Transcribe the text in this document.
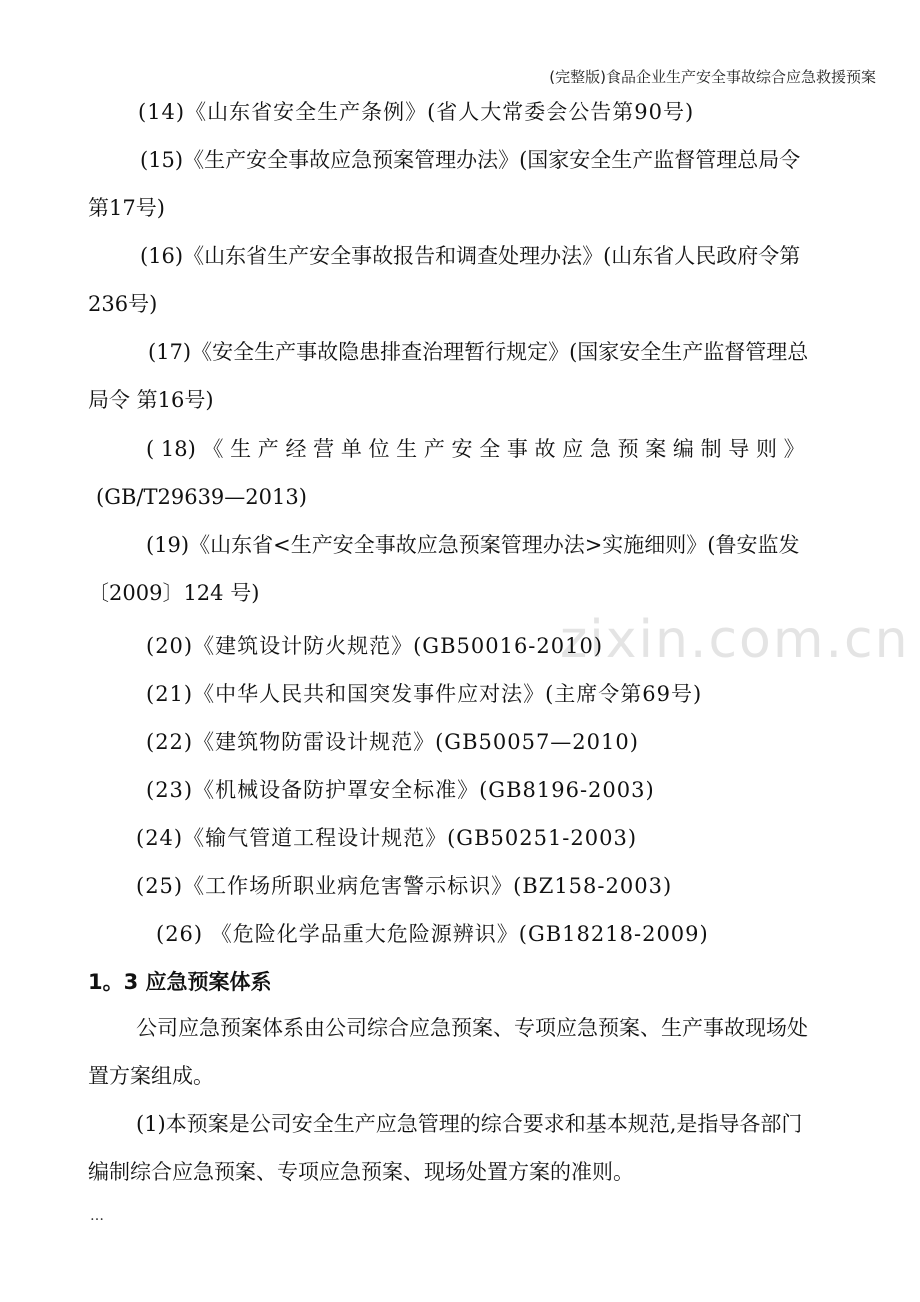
(完整版)食品企业生产安全事故综合应急救援预案
zixin.com.cn
(14)《山东省安全生产条例》(省人大常委会公告第90号)
(15)《生产安全事故应急预案管理办法》(国家安全生产监督管理总局令
第17号)
(16)《山东省生产安全事故报告和调查处理办法》(山东省人民政府令第
236号)
(17)《安全生产事故隐患排查治理暂行规定》(国家安全生产监督管理总
局令 第16号)
( 18) 《 生 产 经 营 单 位 生 产 安 全 事 故 应 急 预 案 编 制 导 则 》
(GB/T29639—2013)
(19)《山东省<生产安全事故应急预案管理办法>实施细则》(鲁安监发
〔2009〕124 号)
(20)《建筑设计防火规范》(GB50016-2010)
(21)《中华人民共和国突发事件应对法》(主席令第69号)
(22)《建筑物防雷设计规范》(GB50057—2010)
(23)《机械设备防护罩安全标准》(GB8196-2003)
(24)《输气管道工程设计规范》(GB50251-2003)
(25)《工作场所职业病危害警示标识》(BZ158-2003)
(26) 《危险化学品重大危险源辨识》(GB18218-2009)
1。3 应急预案体系
公司应急预案体系由公司综合应急预案、专项应急预案、生产事故现场处
置方案组成。
(1)本预案是公司安全生产应急管理的综合要求和基本规范,是指导各部门
编制综合应急预案、专项应急预案、现场处置方案的准则。
…
